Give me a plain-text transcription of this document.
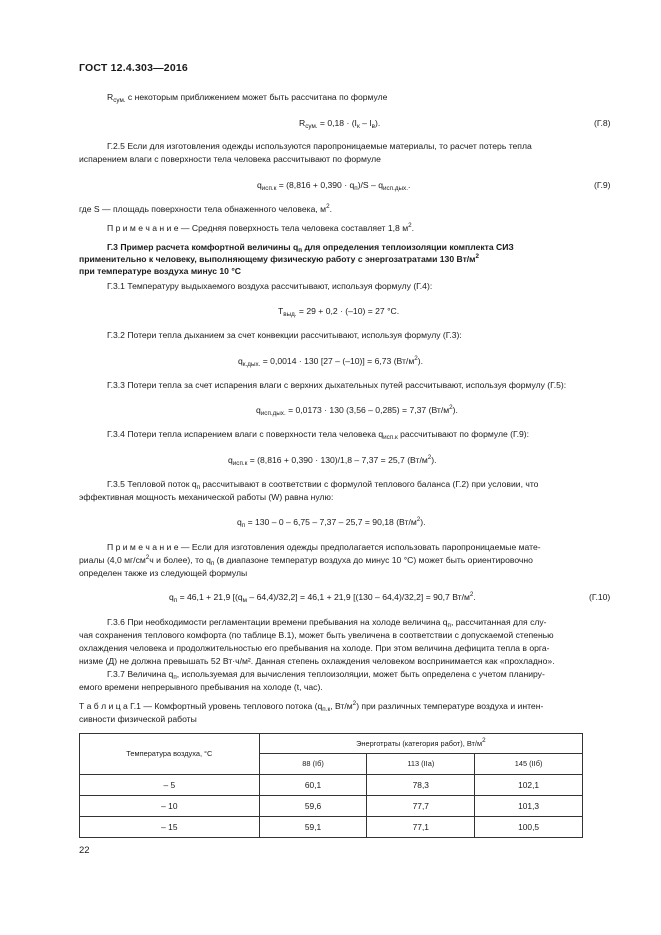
ГОСТ 12.4.303—2016
$R_{сум.}$ с некоторым приближением может быть рассчитана по формуле
$R_{сум.} = 0,18 \cdot (I_к - I_в)$.	(Г.8)
Г.2.5 Если для изготовления одежды используются паропроницаемые материалы, то расчет потерь тепла
испарением влаги с поверхности тела человека рассчитывают по формуле
$q_{исп.к} = (8,816 + 0,390 \cdot q_п)/S - q_{исп.дых.}$.	(Г.9)
где S — площадь поверхности тела обнаженного человека, $м^2$.
П р и м е ч а н и е — Средняя поверхность тела человека составляет 1,8 $м^2$.
Г.3 Пример расчета комфортной величины $q_п$ для определения теплоизоляции комплекта СИЗ
применительно к человеку, выполняющему физическую работу с энергозатратами 130 $Вт/м^2$
при температуре воздуха минус 10 °С
Г.3.1 Температуру выдыхаемого воздуха рассчитывают, используя формулу (Г.4):
$T_{выд.} = 29 + 0,2 \cdot (-10) = 27$ °С.
Г.3.2 Потери тепла дыханием за счет конвекции рассчитывают, используя формулу (Г.3):
$q_{к.дых.} = 0,0014 \cdot 130$ [27 – (–10)] = 6,73 $(Вт/м^2)$.
Г.3.3 Потери тепла за счет испарения влаги с верхних дыхательных путей рассчитывают, используя формулу (Г.5):
$q_{исп.дых.} = 0,0173 \cdot 130$ (3,56 – 0,285) = 7,37 $(Вт/м^2)$.
Г.3.4 Потери тепла испарением влаги с поверхности тела человека $q_{исп.к}$ рассчитывают по формуле (Г.9):
$q_{исп.к} = (8,816 + 0,390 \cdot 130)/1,8 - 7,37 = 25,7$ $(Вт/м^2)$.
Г.3.5 Тепловой поток $q_п$ рассчитывают в соответствии с формулой теплового баланса (Г.2) при условии, что
эффективная мощность механической работы (W) равна нулю:
$q_п = 130 - 0 - 6,75 - 7,37 - 25,7 = 90,18$ $(Вт/м^2)$.
П р и м е ч а н и е — Если для изготовления одежды предполагается использовать паропроницаемые мате-
риалы (4,0 $мг/см^2ч$ и более), то $q_п$ (в диапазоне температур воздуха до минус 10 °С) может быть ориентировочно
определен также из следующей формулы
$q_п = 46,1 + 21,9$ $[(q_м - 64,4)/32,2] = 46,1 + 21,9$ [(130 – 64,4)/32,2] = 90,7 $Вт/м^2$.	(Г.10)
Г.3.6 При необходимости регламентации времени пребывания на холоде величина $q_п$, рассчитанная для слу-
чая сохранения теплового комфорта (по таблице В.1), может быть увеличена в соответствии с допускаемой степенью
охлаждения человека и продолжительностью его пребывания на холоде. При этом величина дефицита тепла в орга-
низме (Д) не должна превышать 52 Вт·ч/м². Данная степень охлаждения человеком воспринимается как «прохладно».
Г.3.7 Величина $q_п$, используемая для вычисления теплоизоляции, может быть определена с учетом планиру-
емого времени непрерывного пребывания на холоде (t, час).
Т а б л и ц а Г.1 — Комфортный уровень теплового потока ($q_{п.к}$, $Вт/м^2$) при различных температуре воздуха и интен-
сивности физической работы
Температура воздуха, °С	Энерготраты (категория работ), $Вт/м^2$
	88 (Iб)	113 (IIа)	145 (IIб)
– 5	60,1	78,3	102,1
– 10	59,6	77,7	101,3
– 15	59,1	77,1	100,5
22
